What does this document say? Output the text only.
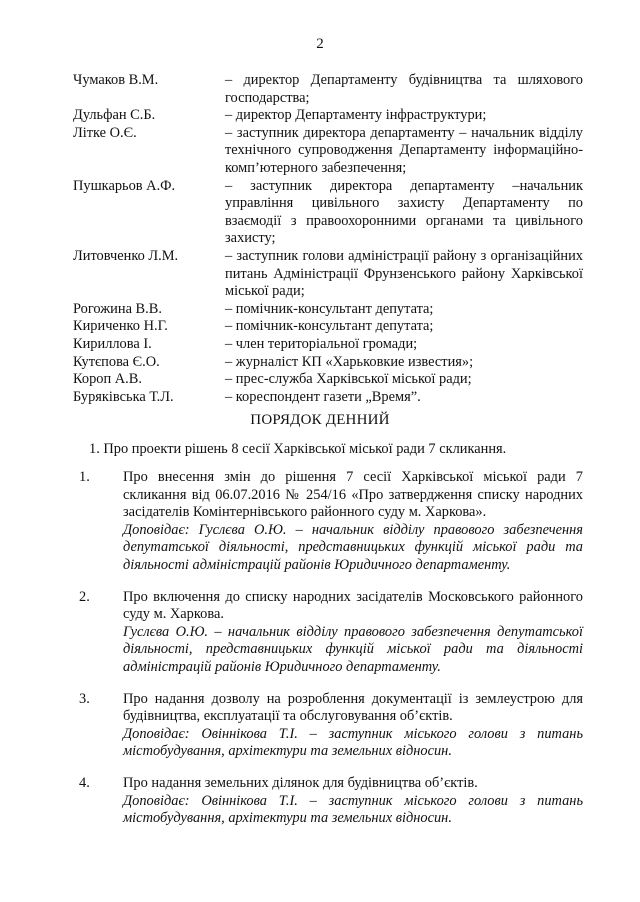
2
Чумаков В.М.	– директор Департаменту будівництва та шляхового господарства;
Дульфан С.Б.	– директор Департаменту інфраструктури;
Літке О.Є.	– заступник директора департаменту – начальник відділу технічного супроводження Департаменту інформаційно-комп’ютерного забезпечення;
Пушкарьов А.Ф.	– заступник директора департаменту –начальник управління цивільного захисту Департаменту по взаємодії з правоохоронними органами та цивільного захисту;
Литовченко Л.М.	– заступник голови адміністрації району з організаційних питань Адміністрації Фрунзенського району Харківської міської ради;
Рогожина В.В.	– помічник-консультант депутата;
Кириченко Н.Г.	– помічник-консультант депутата;
Кириллова І.	– член територіальної громади;
Кутєпова Є.О.	– журналіст КП «Харьковкие известия»;
Короп А.В.	– прес-служба Харківської міської ради;
Буряківська Т.Л.	– кореспондент газети „Время”.
ПОРЯДОК ДЕННИЙ
1. Про проекти рішень 8 сесії Харківської міської ради 7 скликання.
1.	Про внесення змін до рішення 7 сесії Харківської міської ради 7 скликання від 06.07.2016 № 254/16 «Про затвердження списку народних засідателів Комінтернівського районного суду м. Харкова».
Доповідає: Гуслєва О.Ю. – начальник відділу правового забезпечення депутатської діяльності, представницьких функцій міської ради та діяльності адміністрацій районів Юридичного департаменту.
2.	Про включення до списку народних засідателів Московського районного суду м. Харкова.
Гуслєва О.Ю. – начальник відділу правового забезпечення депутатської діяльності, представницьких функцій міської ради та діяльності адміністрацій районів Юридичного департаменту.
3.	Про надання дозволу на розроблення документації із землеустрою для будівництва, експлуатації та обслуговування об’єктів.
Доповідає: Овіннікова Т.І. – заступник міського голови з питань містобудування, архітектури та земельних відносин.
4.	Про надання земельних ділянок для будівництва об’єктів.
Доповідає: Овіннікова Т.І. – заступник міського голови з питань містобудування, архітектури та земельних відносин.
